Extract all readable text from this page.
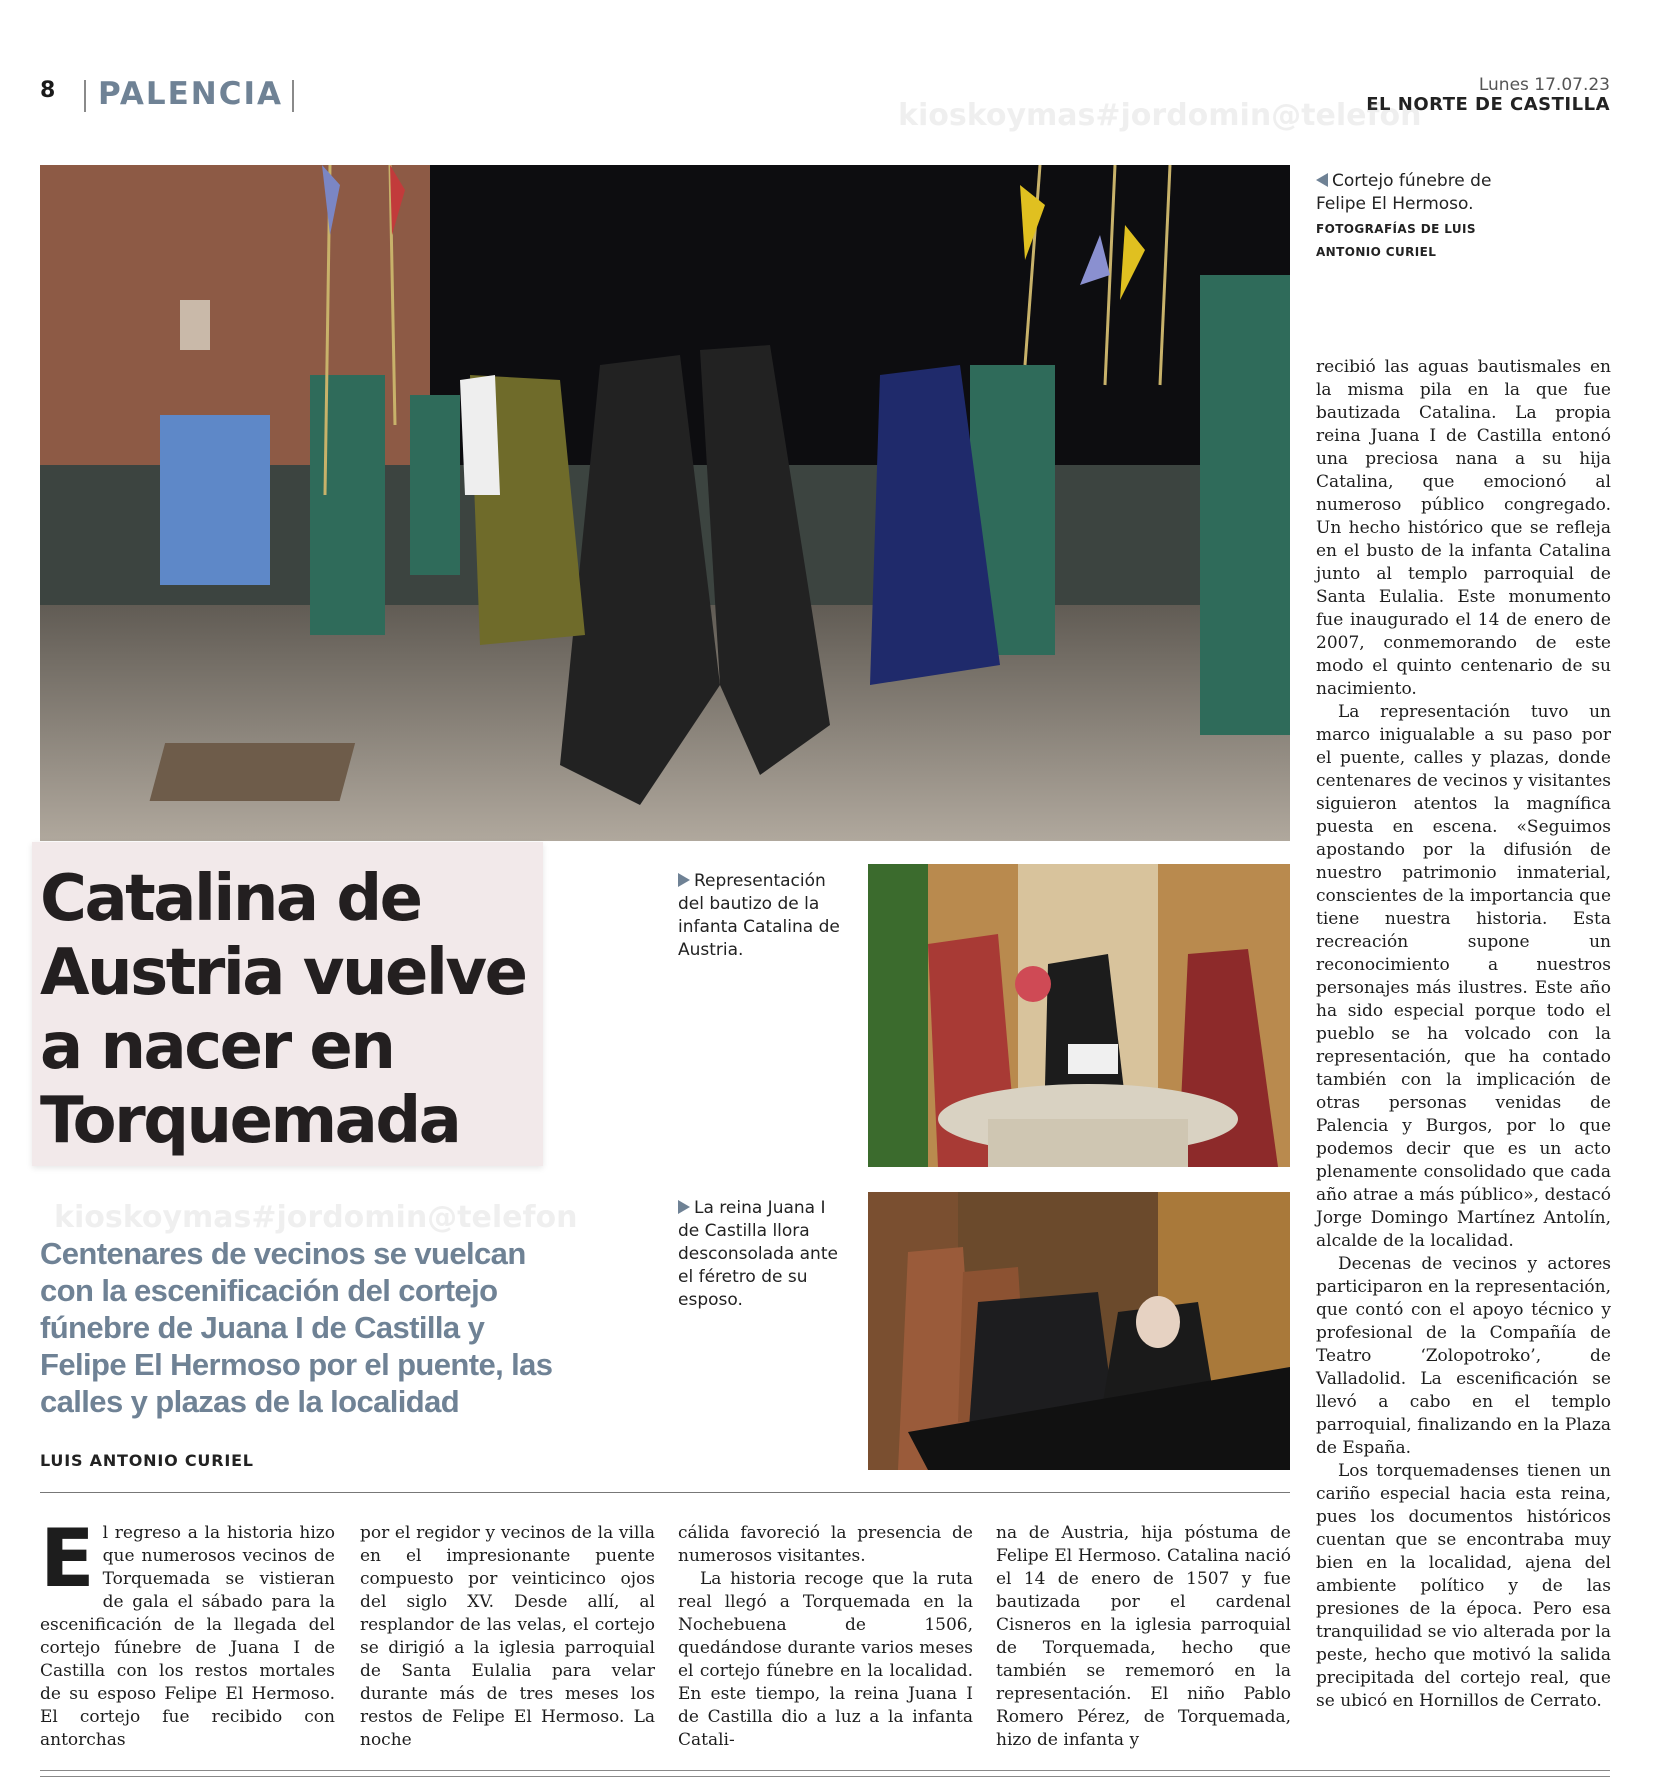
8 PALENCIA	Lunes 17.07.23
EL NORTE DE CASTILLA
kioskoymas#jordomin@telefon
Cortejo fúnebre de Felipe El Hermoso.
FOTOGRAFÍAS DE LUIS ANTONIO CURIEL
Catalina de Austria vuelve a nacer en Torquemada
kioskoymas#jordomin@telefon
Centenares de vecinos se vuelcan con la escenificación del cortejo fúnebre de Juana I de Castilla y Felipe El Hermoso por el puente, las calles y plazas de la localidad
LUIS ANTONIO CURIEL
Representación del bautizo de la infanta Catalina de Austria.
La reina Juana I de Castilla llora desconsolada ante el féretro de su esposo.

El regreso a la historia hizo que numerosos vecinos de Torquemada se vistieran de gala el sábado para la escenificación de la llegada del cortejo fúnebre de Juana I de Castilla con los restos mortales de su esposo Felipe El Hermoso. El cortejo fue recibido con antorchas

por el regidor y vecinos de la villa en el impresionante puente compuesto por veinticinco ojos del siglo XV. Desde allí, al resplandor de las velas, el cortejo se dirigió a la iglesia parroquial de Santa Eulalia para velar durante más de tres meses los restos de Felipe El Hermoso. La noche

cálida favoreció la presencia de numerosos visitantes.

La historia recoge que la ruta real llegó a Torquemada en la Nochebuena de 1506, quedándose durante varios meses el cortejo fúnebre en la localidad. En este tiempo, la reina Juana I de Castilla dio a luz a la infanta Catali-

na de Austria, hija póstuma de Felipe El Hermoso. Catalina nació el 14 de enero de 1507 y fue bautizada por el cardenal Cisneros en la iglesia parroquial de Torquemada, hecho que también se rememoró en la representación. El niño Pablo Romero Pérez, de Torquemada, hizo de infanta y

recibió las aguas bautismales en la misma pila en la que fue bautizada Catalina. La propia reina Juana I de Castilla entonó una preciosa nana a su hija Catalina, que emocionó al numeroso público congregado. Un hecho histórico que se refleja en el busto de la infanta Catalina junto al templo parroquial de Santa Eulalia. Este monumento fue inaugurado el 14 de enero de 2007, conmemorando de este modo el quinto centenario de su nacimiento.

La representación tuvo un marco inigualable a su paso por el puente, calles y plazas, donde centenares de vecinos y visitantes siguieron atentos la magnífica puesta en escena. «Seguimos apostando por la difusión de nuestro patrimonio inmaterial, conscientes de la importancia que tiene nuestra historia. Esta recreación supone un reconocimiento a nuestros personajes más ilustres. Este año ha sido especial porque todo el pueblo se ha volcado con la representación, que ha contado también con la implicación de otras personas venidas de Palencia y Burgos, por lo que podemos decir que es un acto plenamente consolidado que cada año atrae a más público», destacó Jorge Domingo Martínez Antolín, alcalde de la localidad.

Decenas de vecinos y actores participaron en la representación, que contó con el apoyo técnico y profesional de la Compañía de Teatro ‘Zolopotroko’, de Valladolid. La escenificación se llevó a cabo en el templo parroquial, finalizando en la Plaza de España.

Los torquemadenses tienen un cariño especial hacia esta reina, pues los documentos históricos cuentan que se encontraba muy bien en la localidad, ajena del ambiente político y de las presiones de la época. Pero esa tranquilidad se vio alterada por la peste, hecho que motivó la salida precipitada del cortejo real, que se ubicó en Hornillos de Cerrato.
